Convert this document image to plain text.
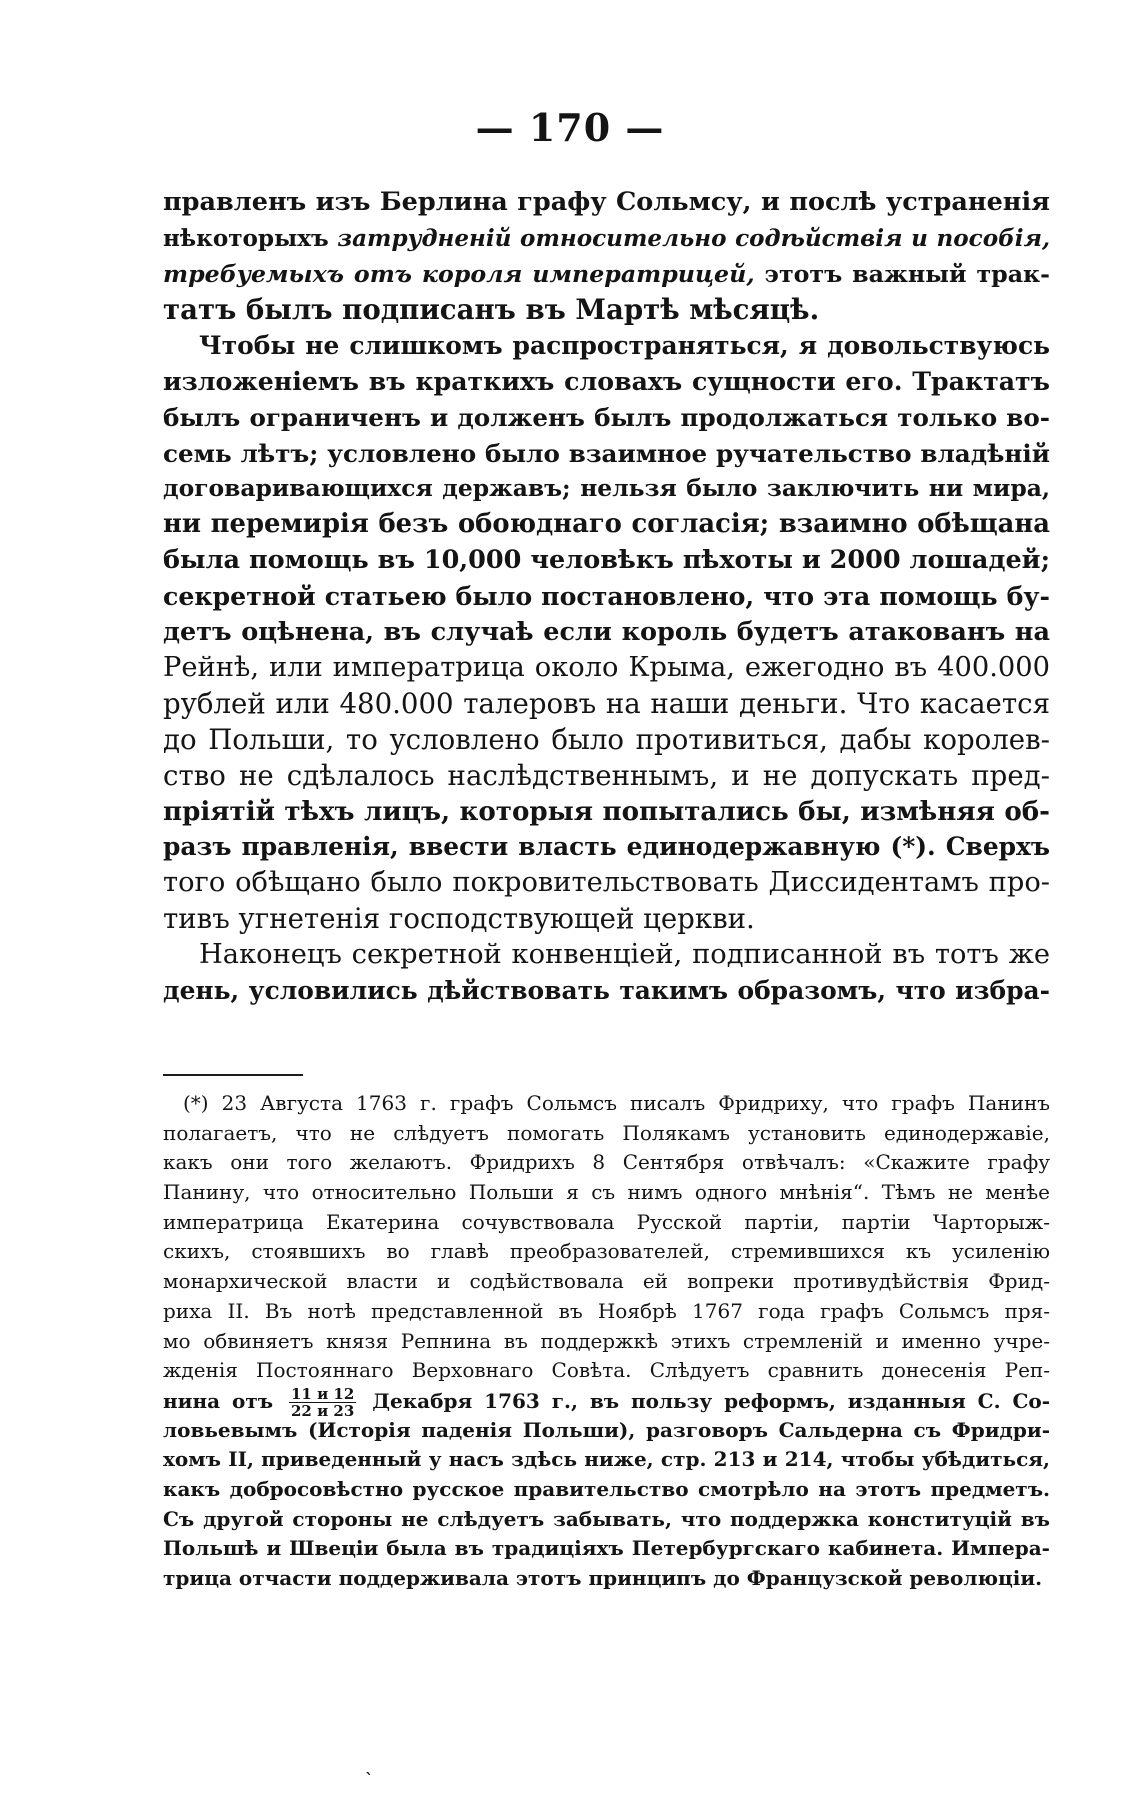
— 170 —
правленъ изъ Берлина графу Сольмсу, и послѣ устраненія
нѣкоторыхъ затрудненій относительно содѣйствія и пособія,
требуемыхъ отъ короля императрицей, этотъ важный трак-
татъ былъ подписанъ въ Мартѣ мѣсяцѣ.
Чтобы не слишкомъ распространяться, я довольствуюсь
изложеніемъ въ краткихъ словахъ сущности его. Трактатъ
былъ ограниченъ и долженъ былъ продолжаться только во-
семь лѣтъ; условлено было взаимное ручательство владѣній
договаривающихся державъ; нельзя было заключить ни мира,
ни перемирія безъ обоюднаго согласія; взаимно обѣщана
была помощь въ 10,000 человѣкъ пѣхоты и 2000 лошадей;
секретной статьею было постановлено, что эта помощь бу-
детъ оцѣнена, въ случаѣ если король будетъ атакованъ на
Рейнѣ, или императрица около Крыма, ежегодно въ 400.000
рублей или 480.000 талеровъ на наши деньги. Что касается
до Польши, то условлено было противиться, дабы королев-
ство не сдѣлалось наслѣдственнымъ, и не допускать пред-
пріятій тѣхъ лицъ, которыя попытались бы, измѣняя об-
разъ правленія, ввести власть единодержавную (*). Сверхъ
того обѣщано было покровительствовать Диссидентамъ про-
тивъ угнетенія господствующей церкви.
Наконецъ секретной конвенціей, подписанной въ тотъ же
день, условились дѣйствовать такимъ образомъ, что избра-
(*) 23 Августа 1763 г. графъ Сольмсъ писалъ Фридриху, что графъ Панинъ
полагаетъ, что не слѣдуетъ помогать Полякамъ установить единодержавіе,
какъ они того желаютъ. Фридрихъ 8 Сентября отвѣчалъ: «Скажите графу
Панину, что относительно Польши я съ нимъ одного мнѣнія“. Тѣмъ не менѣе
императрица Екатерина сочувствовала Русской партіи, партіи Чарторыж-
скихъ, стоявшихъ во главѣ преобразователей, стремившихся къ усиленію
монархической власти и содѣйствовала ей вопреки противудѣйствія Фрид-
риха II. Въ нотѣ представленной въ Ноябрѣ 1767 года графъ Сольмсъ пря-
мо обвиняетъ князя Репнина въ поддержкѣ этихъ стремленій и именно учре-
жденія Постояннаго Верховнаго Совѣта. Слѣдуетъ сравнить донесенія Реп-
нина отъ $\frac{11 и 12}{22 и 23}$ Декабря 1763 г., въ пользу реформъ, изданныя С. Со-
ловьевымъ (Исторія паденія Польши), разговоръ Сальдерна съ Фридри-
хомъ II, приведенный у насъ здѣсь ниже, стр. 213 и 214, чтобы убѣдиться,
какъ добросовѣстно русское правительство смотрѣло на этотъ предметъ.
Съ другой стороны не слѣдуетъ забывать, что поддержка конституцій въ
Польшѣ и Швеціи была въ традиціяхъ Петербургскаго кабинета. Импера-
трица отчасти поддерживала этотъ принципъ до Французской революціи.
ˋ
